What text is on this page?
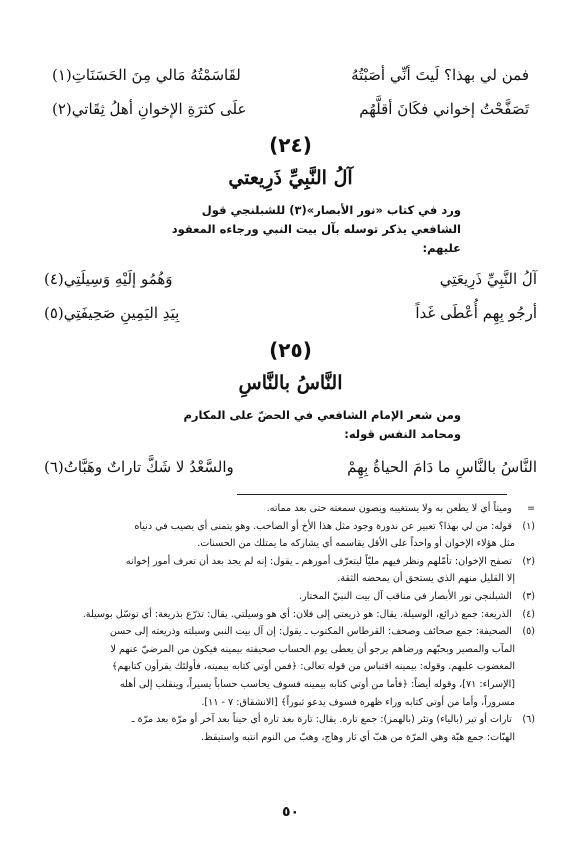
فمن لي بهذا؟ لَيتَ أنِّي أصَبْتُهُ
لقَاسَمْتُهُ مَالي مِنَ الحَسَنَاتِ(١)
تَصَفَّحْتُ إخواني فكَانَ أقلَّهُم
علَى كثرَةِ الإخوانِ أهلُ ثِقَاتي(٢)
(٢٤)
آلُ النَّبِيِّ ذَرِيعتي
ورد في كتاب «نور الأبصار»(٣) للشبلنجي قول
الشافعي يذكر توسله بآل بيت النبي ورجاءه المعقود
عليهم:
آلُ النَّبِيِّ ذَرِيعَتِي
وَهُمُو إلَيْهِ وَسِيلَتِي(٤)
أرجُو بِهِم أُعْطَى غَداً
بِيَدِ اليَمِينِ صَحِيفَتِي(٥)
(٢٥)
النَّاسُ بالنَّاسِ
ومن شعر الإمام الشافعي في الحضّ على المكارم
ومحامد النفس قوله:
النَّاسُ بالنَّاسِ ما دَامَ الحياةُ بِهِمْ
والسَّعْدُ لا شَكَّ تاراتٌ وهَبَّاتُ(٦)
= وميتاً أي لا يطعن به ولا يستغيبه ويصون سمعته حتى بعد مماته.
(١) قوله: من لي بهذا؟ تعبير عن ندورة وجود مثل هذا الأخ أو الصاحب. وهو يتمنى أي يصيب في دنياه
مثل هؤلاء الإخوان أو واحداً على الأقل يقاسمه أي يشاركه ما يمتلك من الحسنات.
(٢) تصفح الإخوان: تأمّلهم ونظر فيهم مليّاً ليتعرّف أمورهم ـ يقول: إنه لم يجد بعد أن تعرف أمور إخوانه
إلا القليل منهم الذي يستحق أن يمحضه الثقة.
(٣) الشبلنجي نور الأبصار في مناقب آل بيت النبيّ المختار.
(٤) الذريعة: جمع ذرائع، الوسيلة. يقال: هو ذريعتي إلى فلان: أي هو وسيلتي. يقال: تذرّع بذريعة: أي توسّل بوسيلة.
(٥) الصحيفة: جمع صحائف وصحف: القرطاس المكتوب ـ يقول: إن آل بيت النبي وسيلته وذريعته إلى حسن
المآب والمصير وبحبّهم ورضاهم يرجو أن يعطى يوم الحساب صحيفته بيمينه فيكون من المرضيّ عنهم لا
المغضوب عليهم. وقوله: بيمينه اقتباس من قوله تعالى: ﴿فمن أوتي كتابه بيمينه، فأولئك يقرأون كتابهم﴾
[الإسراء: ٧١]، وقوله أيضاً: ﴿فأما من أوتي كتابه بيمينه فسوف يحاسب حساباً يسيراً، وينقلب إلى أهله
مسروراً، وأما من أوتي كتابه وراء ظهره فسوف يدعو ثبوراً﴾ [الانشقاق: ٧ - ١١].
(٦) تارات أو تير (بالياء) وتئر (بالهمز): جمع تارة. يقال: تارة بعد تارة أي حيناً بعد آخر أو مرّة بعد مرّة ـ
الهبّات: جمع هبّة وهي المرّة من هبّ أي ثار وهاج، وهبّ من النوم انتبه واستيقظ.
٥٠
